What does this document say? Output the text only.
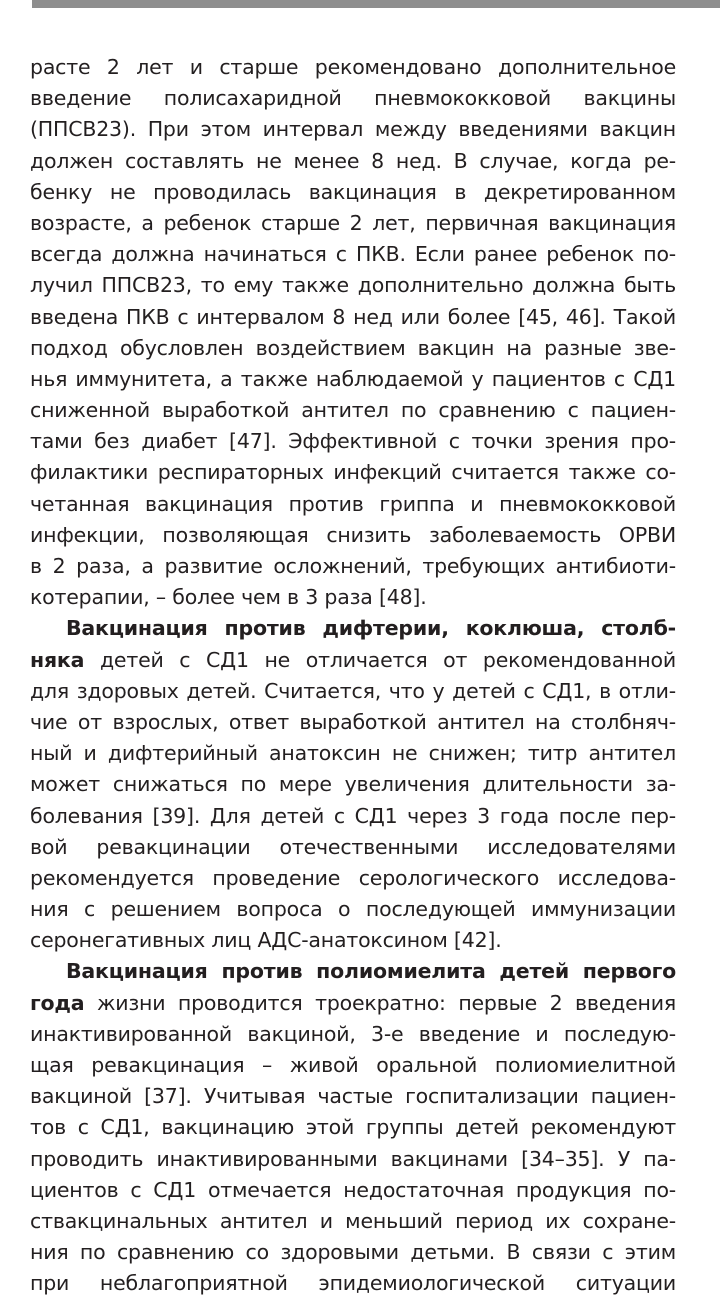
расте 2 лет и старше рекомендовано дополнительное
введение полисахаридной пневмококковой вакцины
(ППСВ23). При этом интервал между введениями вакцин
должен составлять не менее 8 нед. В случае, когда ре-
бенку не проводилась вакцинация в декретированном
возрасте, а ребенок старше 2 лет, первичная вакцинация
всегда должна начинаться с ПКВ. Если ранее ребенок по-
лучил ППСВ23, то ему также дополнительно должна быть
введена ПКВ с интервалом 8 нед или более [45, 46]. Такой
подход обусловлен воздействием вакцин на разные зве-
нья иммунитета, а также наблюдаемой у пациентов с СД1
сниженной выработкой антител по сравнению с пациен-
тами без диабет [47]. Эффективной с точки зрения про-
филактики респираторных инфекций считается также со-
четанная вакцинация против гриппа и пневмококковой
инфекции, позволяющая снизить заболеваемость ОРВИ
в 2 раза, а развитие осложнений, требующих антибиоти-
котерапии, – более чем в 3 раза [48].
Вакцинация против дифтерии, коклюша, столб-
няка детей с СД1 не отличается от рекомендованной
для здоровых детей. Считается, что у детей с СД1, в отли-
чие от взрослых, ответ выработкой антител на столбняч-
ный и дифтерийный анатоксин не снижен; титр антител
может снижаться по мере увеличения длительности за-
болевания [39]. Для детей с СД1 через 3 года после пер-
вой ревакцинации отечественными исследователями
рекомендуется проведение серологического исследова-
ния с решением вопроса о последующей иммунизации
серонегативных лиц АДС-анатоксином [42].
Вакцинация против полиомиелита детей первого
года жизни проводится троекратно: первые 2 введения
инактивированной вакциной, 3-е введение и последую-
щая ревакцинация – живой оральной полиомиелитной
вакциной [37]. Учитывая частые госпитализации пациен-
тов с СД1, вакцинацию этой группы детей рекомендуют
проводить инактивированными вакцинами [34–35]. У па-
циентов с СД1 отмечается недостаточная продукция по-
ствакцинальных антител и меньший период их сохране-
ния по сравнению со здоровыми детьми. В связи с этим
при неблагоприятной эпидемиологической ситуации
